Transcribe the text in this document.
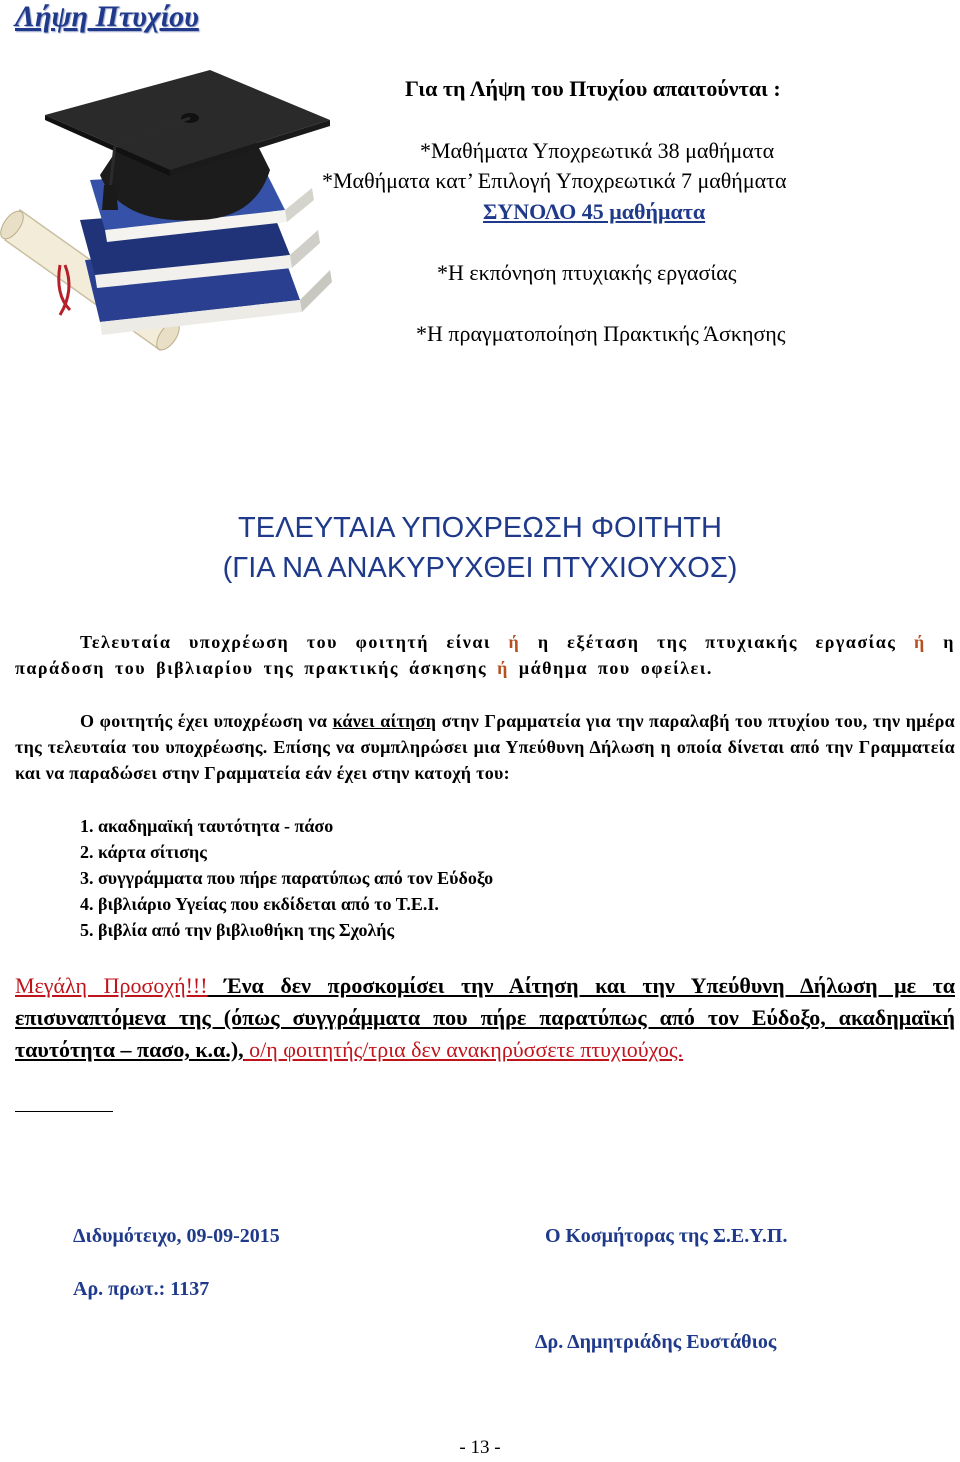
Λήψη Πτυχίου
Για τη Λήψη του Πτυχίου απαιτούνται :
*Μαθήματα Υποχρεωτικά 38 μαθήματα
*Μαθήματα κατ’ Επιλογή Υποχρεωτικά 7 μαθήματα
ΣΥΝΟΛΟ 45 μαθήματα
*Η εκπόνηση πτυχιακής εργασίας
*Η πραγματοποίηση Πρακτικής Άσκησης
ΤΕΛΕΥΤΑΙΑ ΥΠΟΧΡΕΩΣΗ ΦΟΙΤΗΤΗ
(ΓΙΑ ΝΑ ΑΝΑΚΥΡΥΧΘΕΙ ΠΤΥΧΙΟΥΧΟΣ)
Τελευταία υποχρέωση του φοιτητή είναι ή η εξέταση της πτυχιακής εργασίας ή η παράδοση του βιβλιαρίου της πρακτικής άσκησης ή μάθημα που οφείλει.
Ο φοιτητής έχει υποχρέωση να κάνει αίτηση στην Γραμματεία για την παραλαβή του πτυχίου του, την ημέρα της τελευταία του υποχρέωσης. Επίσης να συμπληρώσει μια Υπεύθυνη Δήλωση η οποία δίνεται από την Γραμματεία και να παραδώσει στην Γραμματεία εάν έχει στην κατοχή του:
1. ακαδημαϊκή ταυτότητα - πάσο
2. κάρτα σίτισης
3. συγγράμματα που πήρε παρατύπως από τον Εύδοξο
4. βιβλιάριο Υγείας που εκδίδεται από το Τ.Ε.Ι.
5. βιβλία από την βιβλιοθήκη της Σχολής
Μεγάλη Προσοχή!!! Ένα δεν προσκομίσει την Αίτηση και την Υπεύθυνη Δήλωση με τα επισυναπτόμενα της (όπως συγγράμματα που πήρε παρατύπως από τον Εύδοξο, ακαδημαϊκή ταυτότητα – πασο, κ.α.), ο/η φοιτητής/τρια δεν ανακηρύσσετε πτυχιούχος.
Διδυμότειχο, 09-09-2015
Αρ. πρωτ.: 1137
Ο Κοσμήτορας της Σ.Ε.Υ.Π.
Δρ. Δημητριάδης Ευστάθιος
- 13 -
